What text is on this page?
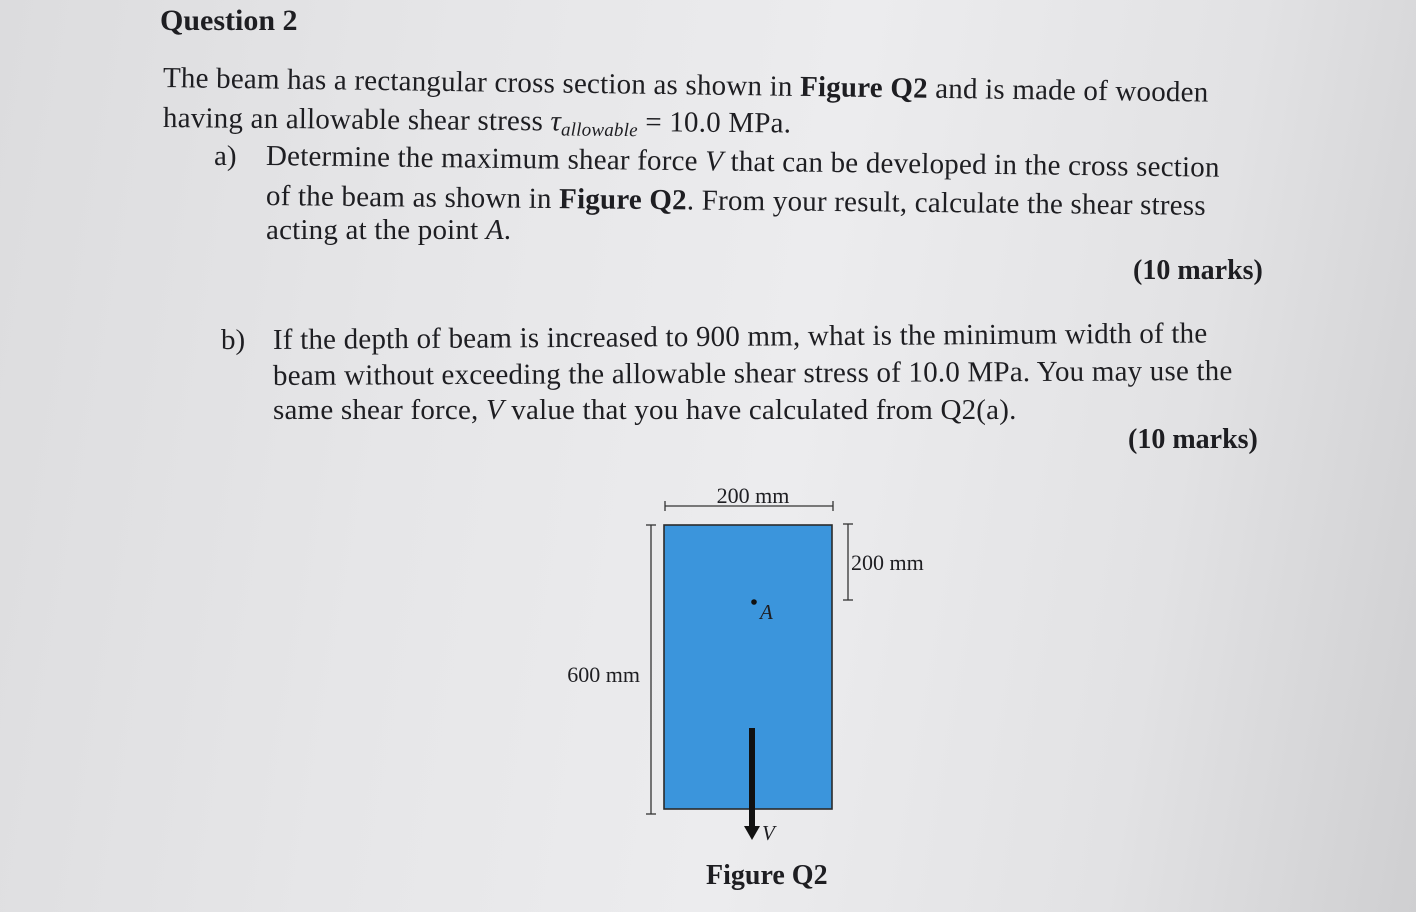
Question 2
The beam has a rectangular cross section as shown in Figure Q2 and is made of wooden
having an allowable shear stress τallowable = 10.0 MPa.
a) Determine the maximum shear force V that can be developed in the cross section
of the beam as shown in Figure Q2. From your result, calculate the shear stress
acting at the point A.
(10 marks)
b) If the depth of beam is increased to 900 mm, what is the minimum width of the
beam without exceeding the allowable shear stress of 10.0 MPa. You may use the
same shear force, V value that you have calculated from Q2(a).
(10 marks)
200 mm
600 mm
200 mm
A
V
Figure Q2
